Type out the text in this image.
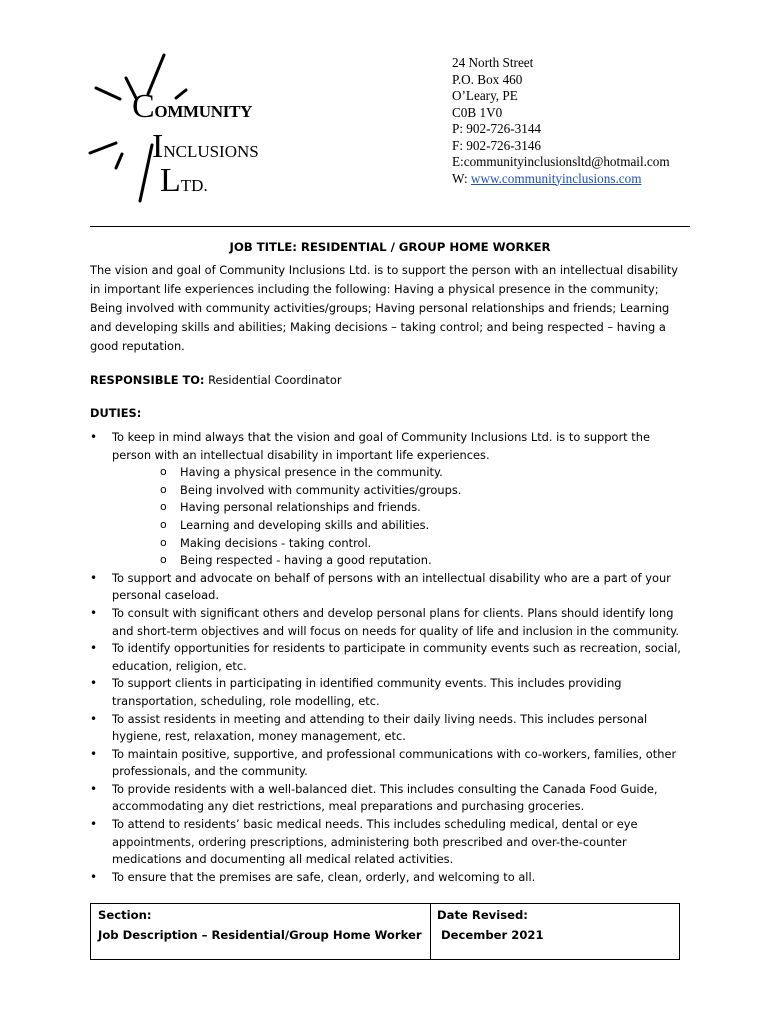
COMMUNITY
INCLUSIONS
LTD.
24 North Street
P.O. Box 460
O’Leary, PE
C0B 1V0
P: 902-726-3144
F: 902-726-3146
E:communityinclusionsltd@hotmail.com
W: www.communityinclusions.com
JOB TITLE: RESIDENTIAL / GROUP HOME WORKER

The vision and goal of Community Inclusions Ltd. is to support the person with an intellectual disability in important life experiences including the following: Having a physical presence in the community; Being involved with community activities/groups; Having personal relationships and friends; Learning and developing skills and abilities; Making decisions – taking control; and being respected – having a good reputation.

RESPONSIBLE TO: Residential Coordinator

DUTIES:
• To keep in mind always that the vision and goal of Community Inclusions Ltd. is to support the person with an intellectual disability in important life experiences.
o Having a physical presence in the community.
o Being involved with community activities/groups.
o Having personal relationships and friends.
o Learning and developing skills and abilities.
o Making decisions - taking control.
o Being respected - having a good reputation.
• To support and advocate on behalf of persons with an intellectual disability who are a part of your personal caseload.
• To consult with significant others and develop personal plans for clients. Plans should identify long and short-term objectives and will focus on needs for quality of life and inclusion in the community.
• To identify opportunities for residents to participate in community events such as recreation, social, education, religion, etc.
• To support clients in participating in identified community events. This includes providing transportation, scheduling, role modelling, etc.
• To assist residents in meeting and attending to their daily living needs. This includes personal hygiene, rest, relaxation, money management, etc.
• To maintain positive, supportive, and professional communications with co-workers, families, other professionals, and the community.
• To provide residents with a well-balanced diet. This includes consulting the Canada Food Guide, accommodating any diet restrictions, meal preparations and purchasing groceries.
• To attend to residents’ basic medical needs. This includes scheduling medical, dental or eye appointments, ordering prescriptions, administering both prescribed and over-the-counter medications and documenting all medical related activities.
• To ensure that the premises are safe, clean, orderly, and welcoming to all.
Section:
Job Description – Residential/Group Home Worker
Date Revised:
December 2021
